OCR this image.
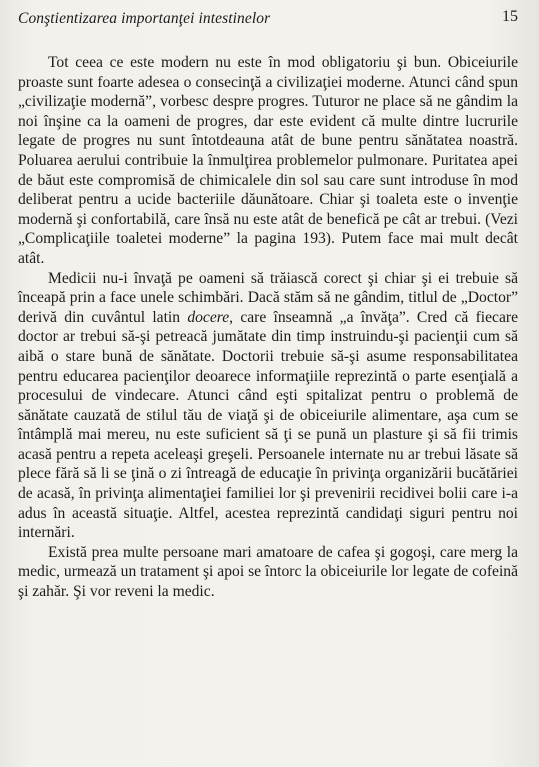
Conştientizarea importanţei intestinelor	15

Tot ceea ce este modern nu este în mod obligatoriu şi bun. Obiceiurile proaste sunt foarte adesea o consecinţă a civilizaţiei moderne. Atunci când spun „civilizaţie modernă”, vorbesc despre progres. Tuturor ne place să ne gândim la noi înşine ca la oameni de progres, dar este evident că multe dintre lucrurile legate de progres nu sunt întotdeauna atât de bune pentru sănătatea noastră. Poluarea aerului contribuie la înmulţirea problemelor pulmonare. Puritatea apei de băut este compromisă de chimicalele din sol sau care sunt introduse în mod deliberat pentru a ucide bacteriile dăunătoare. Chiar şi toaleta este o invenţie modernă şi confortabilă, care însă nu este atât de benefică pe cât ar trebui. (Vezi „Complicaţiile toaletei moderne” la pagina 193). Putem face mai mult decât atât.

Medicii nu-i învaţă pe oameni să trăiască corect şi chiar şi ei trebuie să înceapă prin a face unele schimbări. Dacă stăm să ne gândim, titlul de „Doctor” derivă din cuvântul latin docere, care înseamnă „a învăţa”. Cred că fiecare doctor ar trebui să-şi petreacă jumătate din timp instruindu-şi pacienţii cum să aibă o stare bună de sănătate. Doctorii trebuie să-şi asume responsabilitatea pentru educarea pacienţilor deoarece informaţiile reprezintă o parte esenţială a procesului de vindecare. Atunci când eşti spitalizat pentru o problemă de sănătate cauzată de stilul tău de viaţă şi de obiceiurile alimentare, aşa cum se întâmplă mai mereu, nu este suficient să ţi se pună un plasture şi să fii trimis acasă pentru a repeta aceleaşi greşeli. Persoanele internate nu ar trebui lăsate să plece fără să li se ţină o zi întreagă de educaţie în privinţa organizării bucătăriei de acasă, în privinţa alimentaţiei familiei lor şi prevenirii recidivei bolii care i-a adus în această situaţie. Altfel, acestea reprezintă candidaţi siguri pentru noi internări.

Există prea multe persoane mari amatoare de cafea şi gogoşi, care merg la medic, urmează un tratament şi apoi se întorc la obiceiurile lor legate de cofeină şi zahăr. Şi vor reveni la medic.
